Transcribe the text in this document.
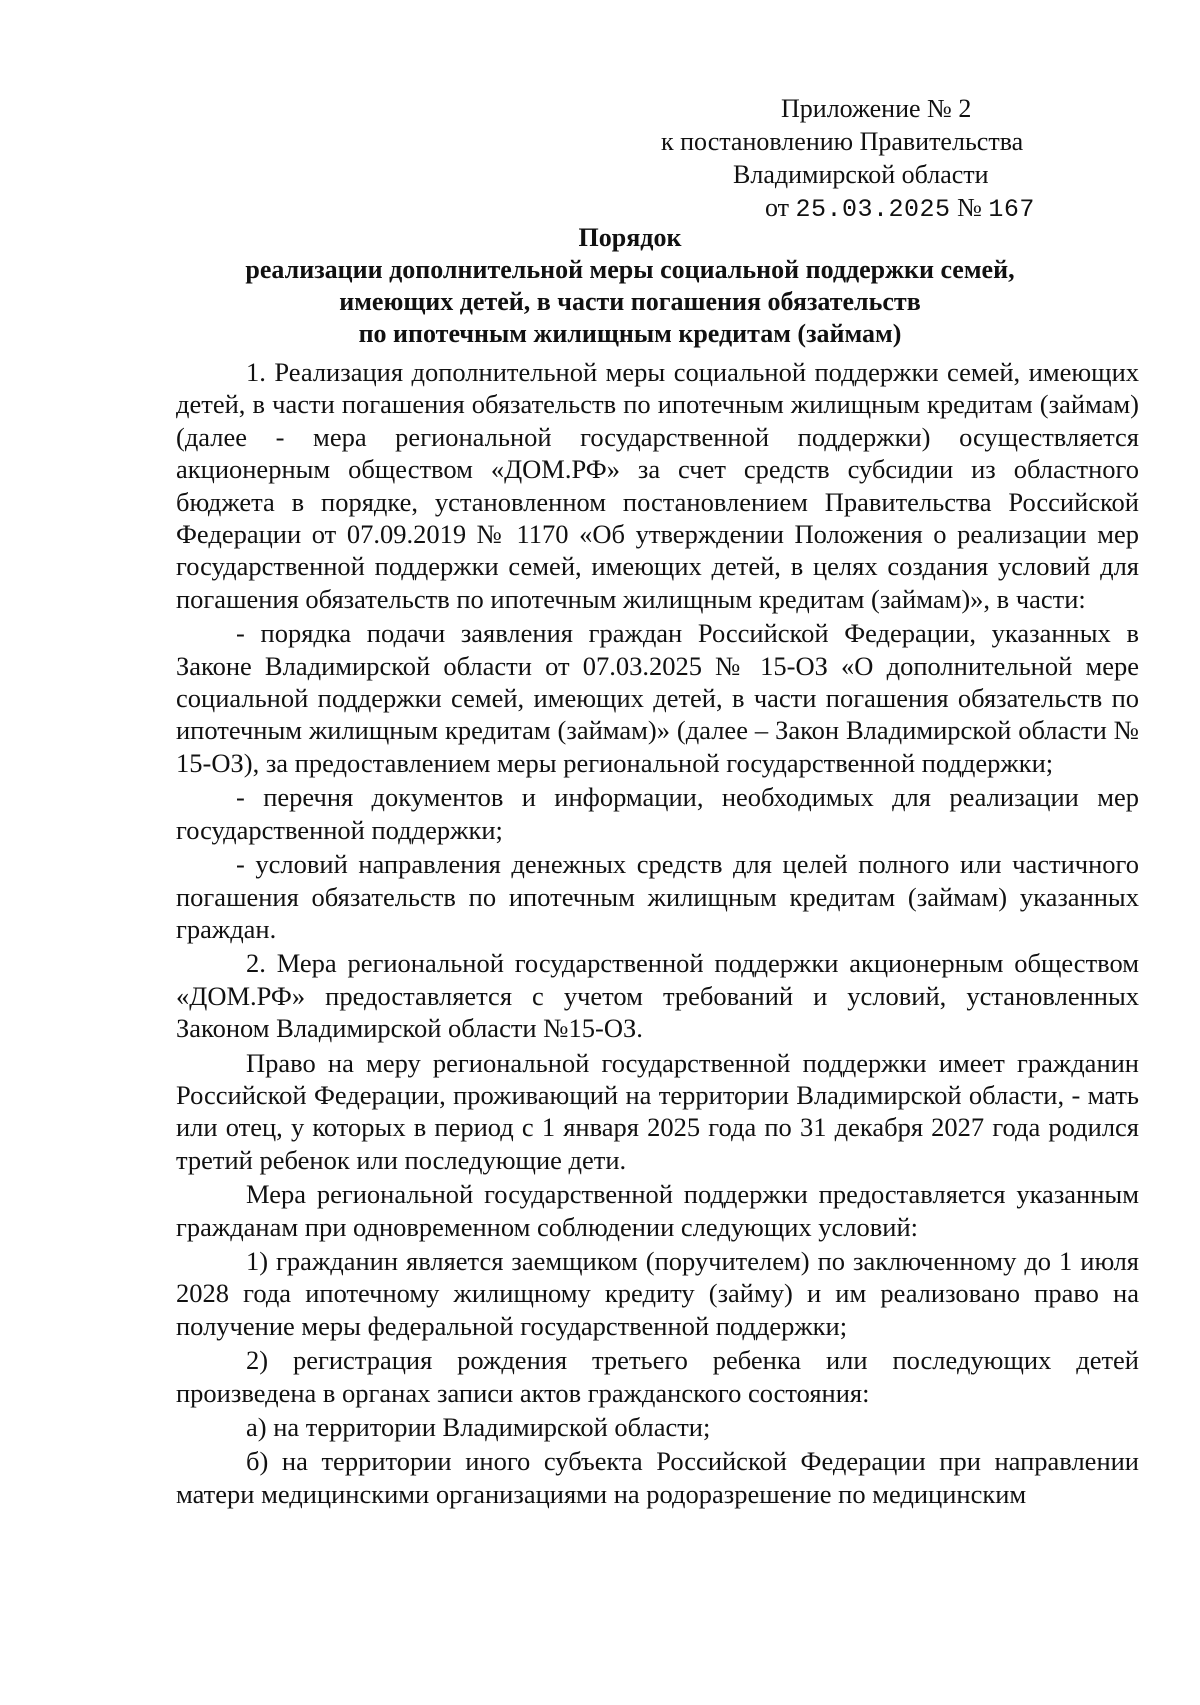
Приложение № 2
к постановлению Правительства
Владимирской области
от 25.03.2025 № 167
Порядок
реализации дополнительной меры социальной поддержки семей,
имеющих детей, в части погашения обязательств
по ипотечным жилищным кредитам (займам)

1. Реализация дополнительной меры социальной поддержки семей, имеющих детей, в части погашения обязательств по ипотечным жилищным кредитам (займам) (далее - мера региональной государственной поддержки) осуществляется акционерным обществом «ДОМ.РФ» за счет средств субсидии из областного бюджета в порядке, установленном постановлением Правительства Российской Федерации от 07.09.2019 № 1170 «Об утверждении Положения о реализации мер государственной поддержки семей, имеющих детей, в целях создания условий для погашения обязательств по ипотечным жилищным кредитам (займам)», в части:

- порядка подачи заявления граждан Российской Федерации, указанных в Законе Владимирской области от 07.03.2025 № 15-ОЗ «О дополнительной мере социальной поддержки семей, имеющих детей, в части погашения обязательств по ипотечным жилищным кредитам (займам)» (далее – Закон Владимирской области № 15-ОЗ), за предоставлением меры региональной государственной поддержки;

- перечня документов и информации, необходимых для реализации мер государственной поддержки;

- условий направления денежных средств для целей полного или частичного погашения обязательств по ипотечным жилищным кредитам (займам) указанных граждан.

2. Мера региональной государственной поддержки акционерным обществом «ДОМ.РФ» предоставляется с учетом требований и условий, установленных Законом Владимирской области №15-ОЗ.

Право на меру региональной государственной поддержки имеет гражданин Российской Федерации, проживающий на территории Владимирской области, - мать или отец, у которых в период с 1 января 2025 года по 31 декабря 2027 года родился третий ребенок или последующие дети.

Мера региональной государственной поддержки предоставляется указанным гражданам при одновременном соблюдении следующих условий:

1) гражданин является заемщиком (поручителем) по заключенному до 1 июля 2028 года ипотечному жилищному кредиту (займу) и им реализовано право на получение меры федеральной государственной поддержки;

2) регистрация рождения третьего ребенка или последующих детей произведена в органах записи актов гражданского состояния:

а) на территории Владимирской области;

б) на территории иного субъекта Российской Федерации при направлении матери медицинскими организациями на родоразрешение по медицинским
